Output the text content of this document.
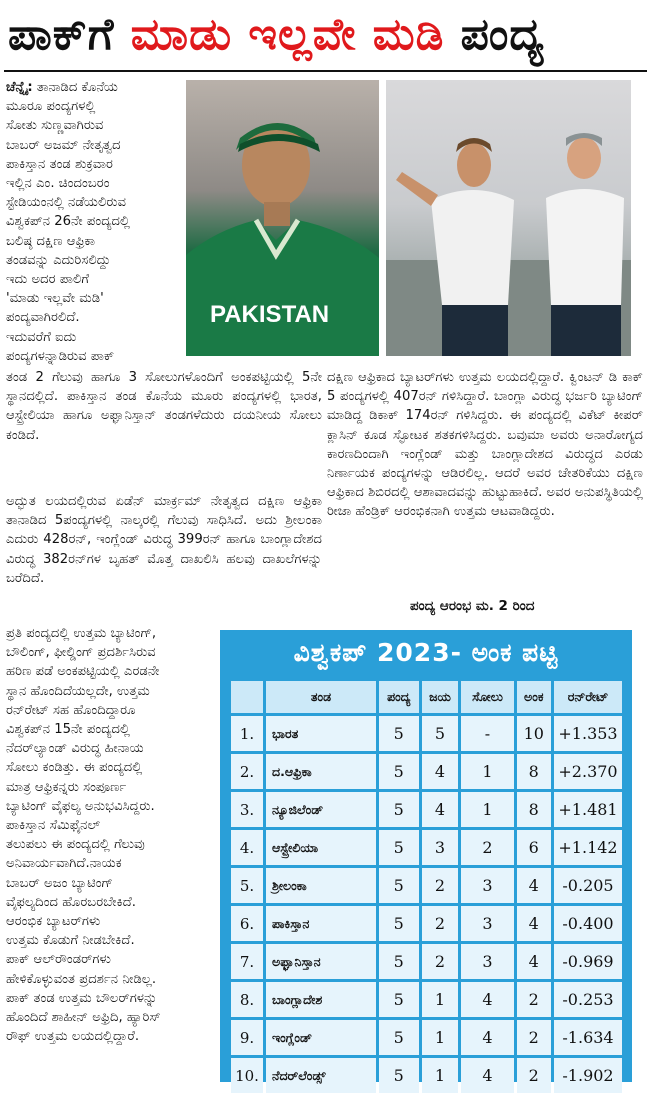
ಪಾಕ್‌ಗೆ ಮಾಡು ಇಲ್ಲವೇ ಮಡಿ ಪಂದ್ಯ
ಚೆನ್ನೈ: ತಾನಾಡಿದ ಕೊನೆಯ
ಮೂರೂ ಪಂದ್ಯಗಳಲ್ಲಿ
ಸೋತು ಸುಣ್ಣವಾಗಿರುವ
ಬಾಬರ್ ಅಜಮ್ ನೇತೃತ್ವದ
ಪಾಕಿಸ್ತಾನ ತಂಡ ಶುಕ್ರವಾರ
ಇಲ್ಲಿನ ಎಂ. ಚಿಂದಂಬರಂ
ಸ್ಟೇಡಿಯಂನಲ್ಲಿ ನಡೆಯಲಿರುವ
ವಿಶ್ವಕಪ್‌ನ 26ನೇ ಪಂದ್ಯದಲ್ಲಿ
ಬಲಿಷ್ಠ ದಕ್ಷಿಣ ಆಫ್ರಿಕಾ
ತಂಡವನ್ನು ಎದುರಿಸಲಿದ್ದು
ಇದು ಅದರ ಪಾಲಿಗೆ
'ಮಾಡು ಇಲ್ಲವೇ ಮಡಿ'
ಪಂದ್ಯವಾಗಿರಲಿದೆ.
ಇದುವರೆಗೆ ಐದು
ಪಂದ್ಯಗಳನ್ನಾಡಿರುವ ಪಾಕ್
PAKISTAN
ತಂಡ 2 ಗೆಲುವು ಹಾಗೂ 3 ಸೋಲುಗಳೊಂದಿಗೆ ಅಂಕಪಟ್ಟಿಯಲ್ಲಿ 5ನೇ ಸ್ಥಾನದಲ್ಲಿದೆ. ಪಾಕಿಸ್ತಾನ ತಂಡ ಕೊನೆಯ ಮೂರು ಪಂದ್ಯಗಳಲ್ಲಿ ಭಾರತ, ಆಸ್ಟ್ರೇಲಿಯಾ ಹಾಗೂ ಅಫ್ಘಾನಿಸ್ತಾನ್ ತಂಡಗಳೆದುರು ದಯನೀಯ ಸೋಲು ಕಂಡಿದೆ.
ಅದ್ಭುತ ಲಯದಲ್ಲಿರುವ ಏಡೆನ್ ಮಾರ್ಕ್ರಮ್ ನೇತೃತ್ವದ ದಕ್ಷಿಣ ಆಫ್ರಿಕಾ ತಾನಾಡಿದ 5ಪಂದ್ಯಗಳಲ್ಲಿ ನಾಲ್ಕರಲ್ಲಿ ಗೆಲುವು ಸಾಧಿಸಿದೆ. ಅದು ಶ್ರೀಲಂಕಾ ಎದುರು 428ರನ್, ಇಂಗ್ಲೆಂಡ್ ವಿರುದ್ಧ 399ರನ್ ಹಾಗೂ ಬಾಂಗ್ಲಾದೇಶದ ವಿರುದ್ಧ 382ರನ್‌ಗಳ ಬೃಹತ್ ಮೊತ್ತ ದಾಖಲಿಸಿ ಹಲವು ದಾಖಲೆಗಳನ್ನು ಬರೆದಿದೆ.
ದಕ್ಷಿಣ ಆಫ್ರಿಕಾದ ಬ್ಯಾಟರ್‌ಗಳು ಉತ್ತಮ ಲಯದಲ್ಲಿದ್ದಾರೆ. ಕ್ವಿಂಟನ್ ಡಿ ಕಾಕ್ 5 ಪಂದ್ಯಗಳಲ್ಲಿ 407ರನ್ ಗಳಿಸಿದ್ದಾರೆ. ಬಾಂಗ್ಲಾ ವಿರುದ್ಧ ಭರ್ಜರಿ ಬ್ಯಾಟಿಂಗ್ ಮಾಡಿದ್ದ ಡಿಕಾಕ್ 174ರನ್ ಗಳಿಸಿದ್ದರು. ಈ ಪಂದ್ಯದಲ್ಲಿ ವಿಕೆಟ್ ಕೀಪರ್ ಕ್ಲಾಸಿನ್ ಕೂಡ ಸ್ಫೋಟಕ ಶತಕಗಳಿಸಿದ್ದರು. ಬವುಮಾ ಅವರು ಅನಾರೋಗ್ಯದ ಕಾರಣದಿಂದಾಗಿ ಇಂಗ್ಲೆಂಡ್ ಮತ್ತು ಬಾಂಗ್ಲಾದೇಶದ ವಿರುದ್ಧದ ಎರಡು ನಿರ್ಣಾಯಕ ಪಂದ್ಯಗಳನ್ನು ಆಡಿರಲಿಲ್ಲ. ಆದರೆ ಅವರ ಚೇತರಿಕೆಯು ದಕ್ಷಿಣ ಆಫ್ರಿಕಾದ ಶಿಬಿರದಲ್ಲಿ ಆಶಾವಾದವನ್ನು ಹುಟ್ಟುಹಾಕಿದೆ. ಅವರ ಅನುಪಸ್ಥಿತಿಯಲ್ಲಿ ರೀಜಾ ಹೆಂಡ್ರಿಕ್ ಆರಂಭಿಕನಾಗಿ ಉತ್ತಮ ಆಟವಾಡಿದ್ದರು.
ಪಂದ್ಯ ಆರಂಭ ಮ. 2 ರಿಂದ
ಪ್ರತಿ ಪಂದ್ಯದಲ್ಲಿ ಉತ್ತಮ ಬ್ಯಾಟಿಂಗ್,
ಬೌಲಿಂಗ್, ಫೀಲ್ಡಿಂಗ್ ಪ್ರದರ್ಶಿಸಿರುವ
ಹರಿಣ ಪಡೆ ಅಂಕಪಟ್ಟಿಯಲ್ಲಿ ಎರಡನೇ
ಸ್ಥಾನ ಹೊಂದಿದೆಯಲ್ಲದೇ, ಉತ್ತಮ
ರನ್‌ರೇಟ್ ಸಹ ಹೊಂದಿದ್ದಾರೂ
ವಿಶ್ವಕಪ್‌ನ 15ನೇ ಪಂದ್ಯದಲ್ಲಿ
ನೆದರ್‌ಲ್ಯಾಂಡ್ ವಿರುದ್ಧ ಹೀನಾಯ
ಸೋಲು ಕಂಡಿತ್ತು. ಈ ಪಂದ್ಯದಲ್ಲಿ
ಮಾತ್ರ ಆಫ್ರಿಕನ್ನರು ಸಂಪೂರ್ಣ
ಬ್ಯಾಟಿಂಗ್ ವೈಫಲ್ಯ ಅನುಭವಿಸಿದ್ದರು.
ಪಾಕಿಸ್ತಾನ ಸೆಮಿಫೈನಲ್
ತಲುಪಲು ಈ ಪಂದ್ಯದಲ್ಲಿ ಗೆಲುವು
ಅನಿವಾರ್ಯವಾಗಿದೆ.ನಾಯಕ
ಬಾಬರ್ ಅಜಂ ಬ್ಯಾಟಿಂಗ್
ವೈಫಲ್ಯದಿಂದ ಹೊರಬರಬೇಕಿದೆ.
ಆರಂಭಿಕ ಬ್ಯಾಟರ್‌ಗಳು
ಉತ್ತಮ ಕೊಡುಗೆ ನೀಡಬೇಕಿದೆ.
ಪಾಕ್ ಆಲ್‌ರೌಂಡರ್‌ಗಳು
ಹೇಳಿಕೊಳ್ಳುವಂತ ಪ್ರದರ್ಶನ ನೀಡಿಲ್ಲ.
ಪಾಕ್ ತಂಡ ಉತ್ತಮ ಬೌಲರ್‌ಗಳನ್ನು
ಹೊಂದಿದೆ ಶಾಹೀನ್ ಅಫ್ರಿದಿ, ಹ್ಯಾರಿಸ್
ರೌಫ್ ಉತ್ತಮ ಲಯದಲ್ಲಿದ್ದಾರೆ.
ವಿಶ್ವಕಪ್ 2023- ಅಂಕ ಪಟ್ಟಿ
	ತಂಡ	ಪಂದ್ಯ	ಜಯ	ಸೋಲು	ಅಂಕ	ರನ್‌ರೇಟ್
1.	ಭಾರತ	5	5	-	10	+1.353
2.	ದ.ಆಫ್ರಿಕಾ	5	4	1	8	+2.370
3.	ನ್ಯೂಜಿಲೆಂಡ್	5	4	1	8	+1.481
4.	ಆಸ್ಟ್ರೇಲಿಯಾ	5	3	2	6	+1.142
5.	ಶ್ರೀಲಂಕಾ	5	2	3	4	-0.205
6.	ಪಾಕಿಸ್ತಾನ	5	2	3	4	-0.400
7.	ಅಫ್ಘಾನಿಸ್ತಾನ	5	2	3	4	-0.969
8.	ಬಾಂಗ್ಲಾದೇಶ	5	1	4	2	-0.253
9.	ಇಂಗ್ಲೆಂಡ್	5	1	4	2	-1.634
10.	ನೆದರ್‌ಲೆಂಡ್ಸ್	5	1	4	2	-1.902
